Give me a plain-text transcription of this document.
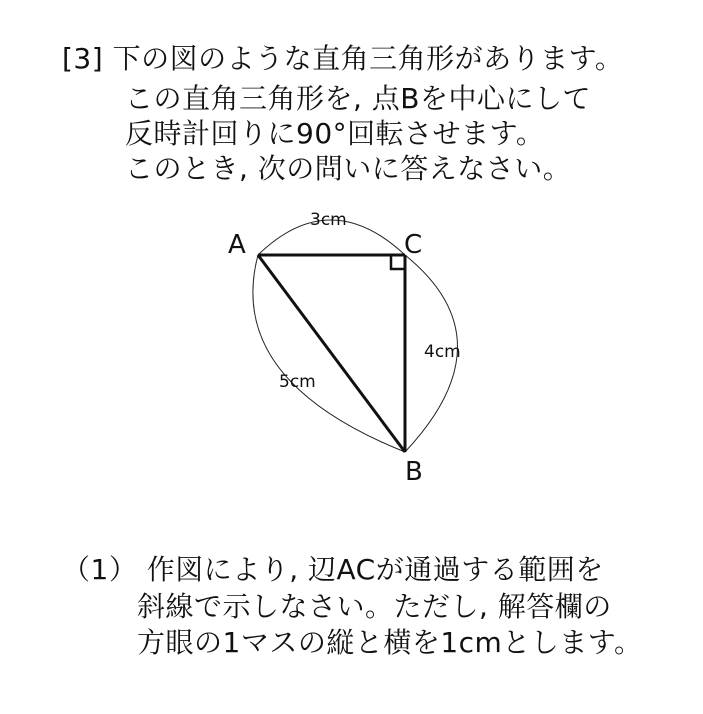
[3] 下の図のような直角三角形があります。
この直角三角形を, 点Bを中心にして
反時計回りに90°回転させます。
このとき, 次の問いに答えなさい。
A	C
B
3cm
4cm
5cm
（1） 作図により, 辺ACが通過する範囲を
斜線で示しなさい。ただし, 解答欄の
方眼の1マスの縦と横を1cmとします。
